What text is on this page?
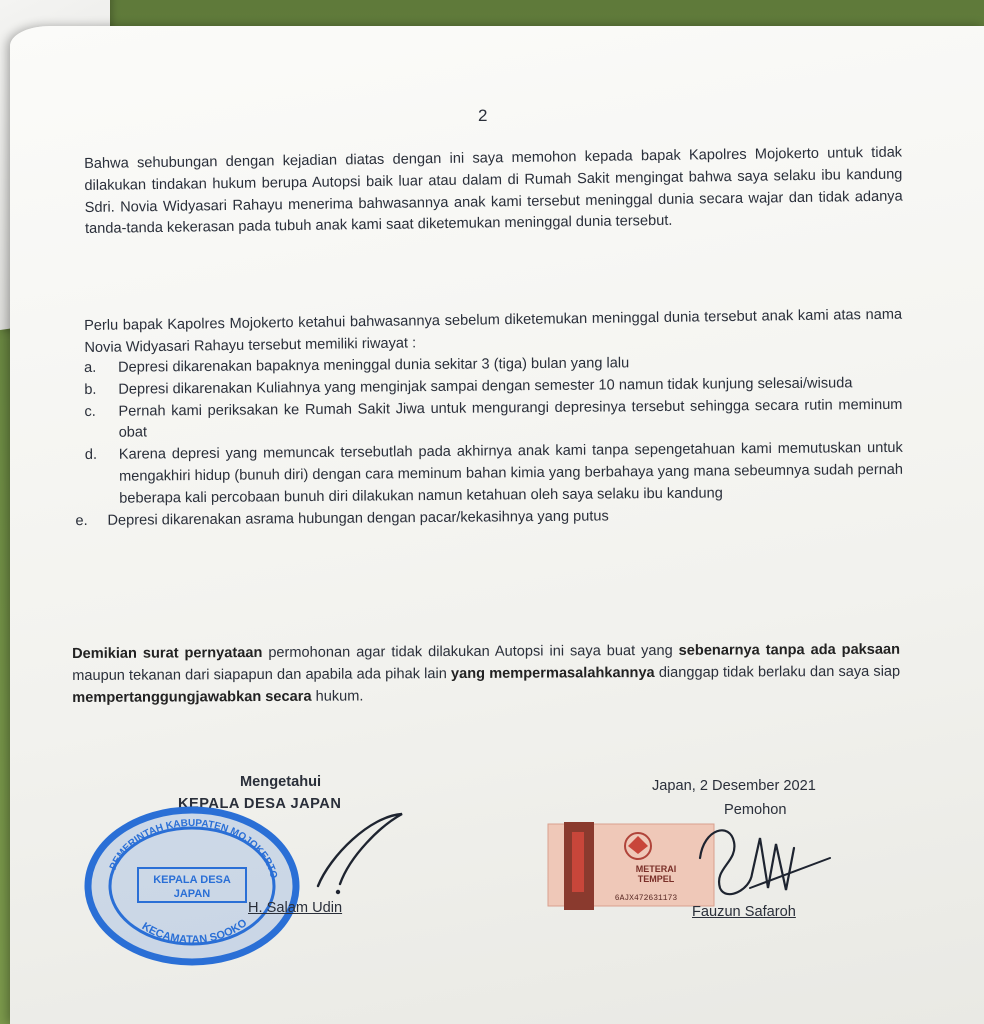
2
Bahwa sehubungan dengan kejadian diatas dengan ini saya memohon kepada bapak Kapolres Mojokerto untuk tidak dilakukan tindakan hukum berupa Autopsi baik luar atau dalam di Rumah Sakit mengingat bahwa saya selaku ibu kandung Sdri. Novia Widyasari Rahayu menerima bahwasannya anak kami tersebut meninggal dunia secara wajar dan tidak adanya tanda-tanda kekerasan pada tubuh anak kami saat diketemukan meninggal dunia tersebut.
Perlu bapak Kapolres Mojokerto ketahui bahwasannya sebelum diketemukan meninggal dunia tersebut anak kami atas nama Novia Widyasari Rahayu tersebut memiliki riwayat :
a.	Depresi dikarenakan bapaknya meninggal dunia sekitar 3 (tiga) bulan yang lalu
b.	Depresi dikarenakan Kuliahnya yang menginjak sampai dengan semester 10 namun tidak kunjung selesai/wisuda
c.	Pernah kami periksakan ke Rumah Sakit Jiwa untuk mengurangi depresinya tersebut sehingga secara rutin meminum obat
d.	Karena depresi yang memuncak tersebutlah pada akhirnya anak kami tanpa sepengetahuan kami memutuskan untuk mengakhiri hidup (bunuh diri) dengan cara meminum bahan kimia yang berbahaya yang mana sebeumnya sudah pernah beberapa kali percobaan bunuh diri dilakukan namun ketahuan oleh saya selaku ibu kandung
e.	Depresi dikarenakan asrama hubungan dengan pacar/kekasihnya yang putus
Demikian surat pernyataan permohonan agar tidak dilakukan Autopsi ini saya buat yang sebenarnya tanpa ada paksaan maupun tekanan dari siapapun dan apabila ada pihak lain yang mempermasalahkannya dianggap tidak berlaku dan saya siap mempertanggungjawabkan secara hukum.
Mengetahui
KEPALA DESA JAPAN
PEMERINTAH KABUPATEN MOJOKERTO
KECAMATAN SOOKO
KEPALA DESA
JAPAN
H. Salam Udin
Japan, 2 Desember 2021
Pemohon
METERAI
TEMPEL
6AJX472631173
Fauzun Safaroh
